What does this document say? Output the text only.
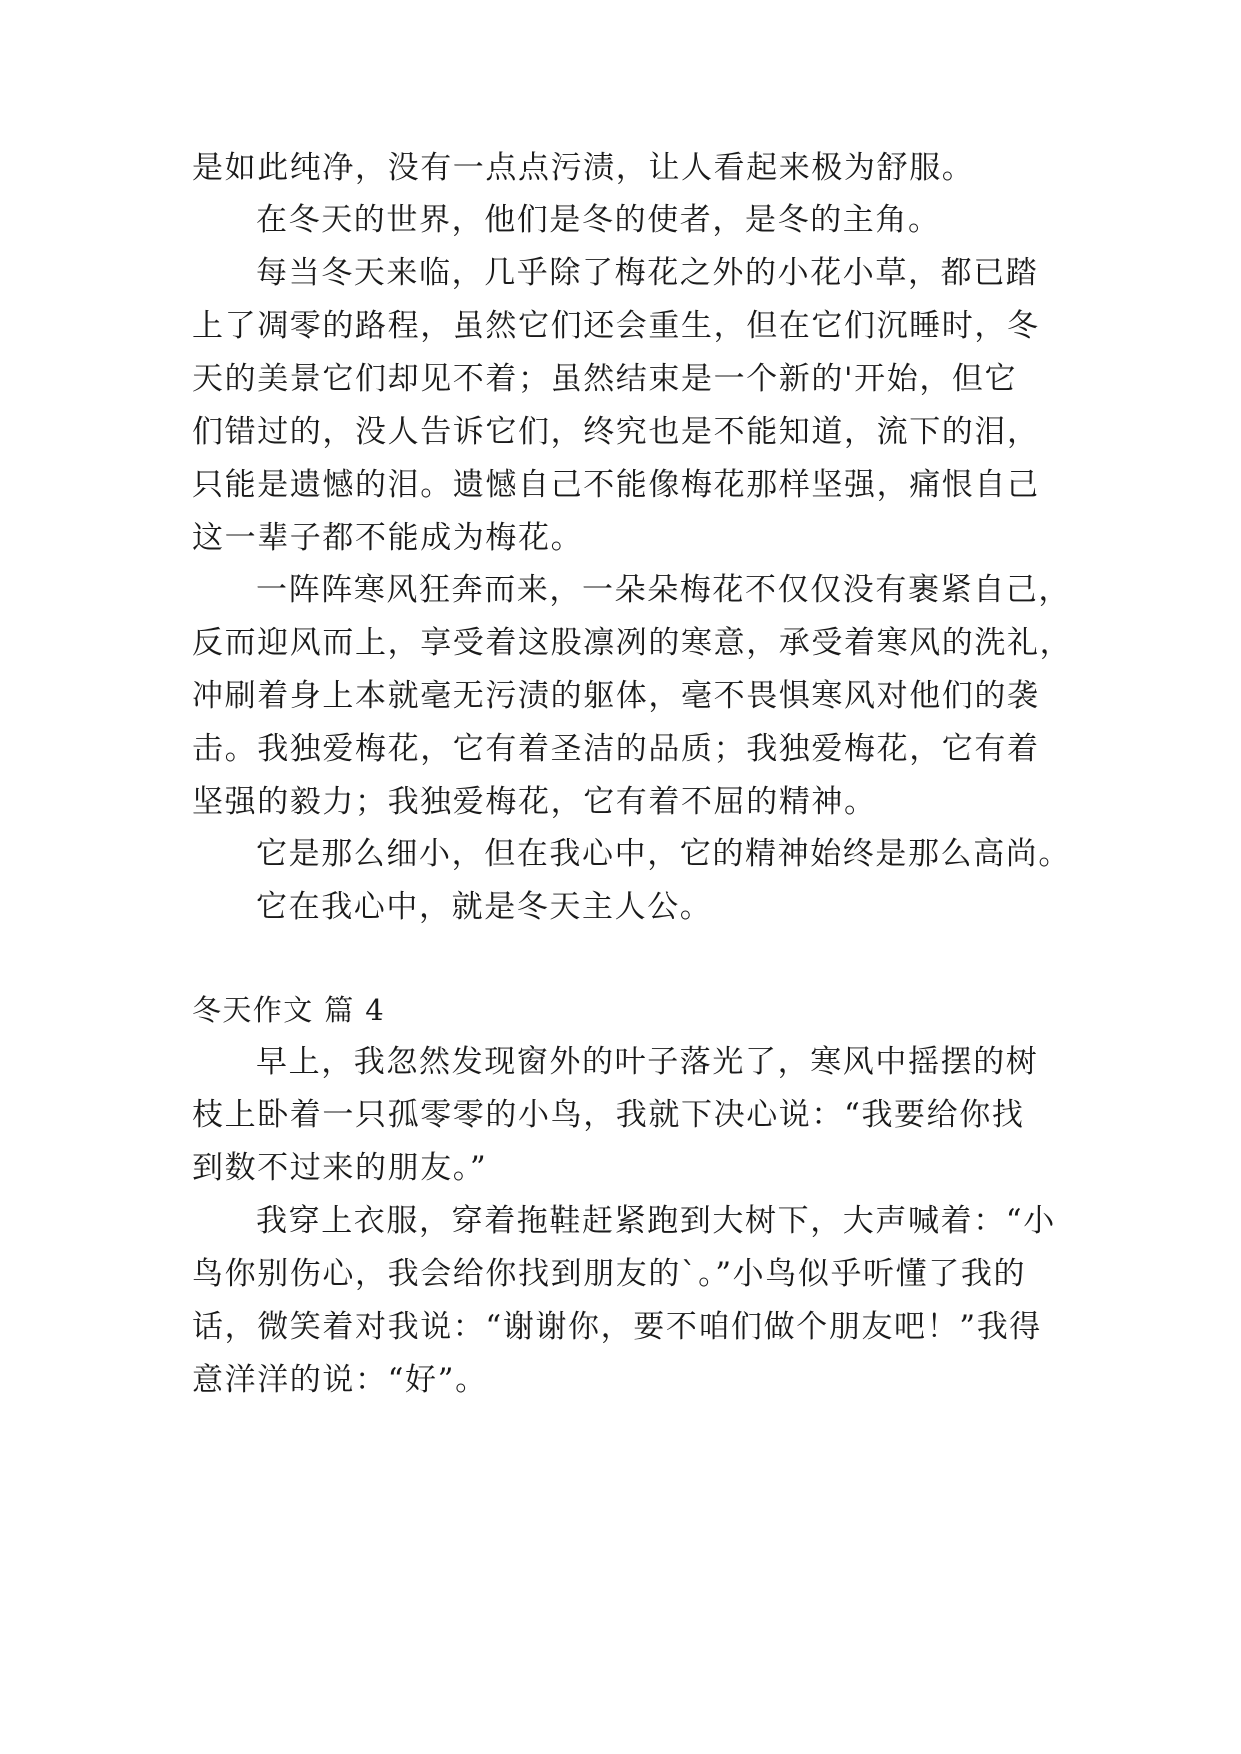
是如此纯净，没有一点点污渍，让人看起来极为舒服。

在冬天的世界，他们是冬的使者，是冬的主角。

每当冬天来临，几乎除了梅花之外的小花小草，都已踏

上了凋零的路程，虽然它们还会重生，但在它们沉睡时，冬

天的美景它们却见不着；虽然结束是一个新的'开始，但它

们错过的，没人告诉它们，终究也是不能知道，流下的泪，

只能是遗憾的泪。遗憾自己不能像梅花那样坚强，痛恨自己

这一辈子都不能成为梅花。

一阵阵寒风狂奔而来，一朵朵梅花不仅仅没有裹紧自己，

反而迎风而上，享受着这股凛冽的寒意，承受着寒风的洗礼，

冲刷着身上本就毫无污渍的躯体，毫不畏惧寒风对他们的袭

击。我独爱梅花，它有着圣洁的品质；我独爱梅花，它有着

坚强的毅力；我独爱梅花，它有着不屈的精神。

它是那么细小，但在我心中，它的精神始终是那么高尚。

它在我心中，就是冬天主人公。

冬天作文 篇 4

早上，我忽然发现窗外的叶子落光了，寒风中摇摆的树

枝上卧着一只孤零零的小鸟，我就下决心说：“我要给你找

到数不过来的朋友。”

我穿上衣服，穿着拖鞋赶紧跑到大树下，大声喊着：“小

鸟你别伤心，我会给你找到朋友的`。”小鸟似乎听懂了我的

话，微笑着对我说：“谢谢你，要不咱们做个朋友吧！”我得

意洋洋的说：“好”。
